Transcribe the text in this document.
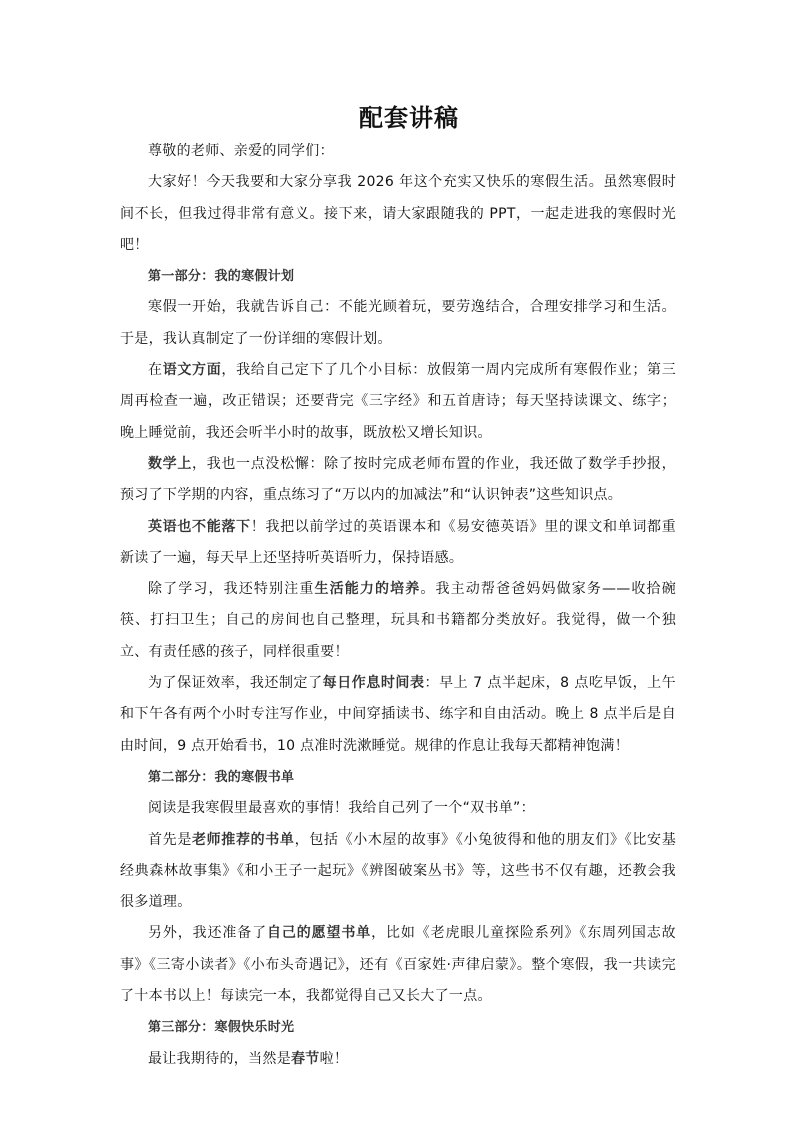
配套讲稿

尊敬的老师、亲爱的同学们：

大家好！今天我要和大家分享我 2026 年这个充实又快乐的寒假生活。虽然寒假时间不长，但我过得非常有意义。接下来，请大家跟随我的 PPT，一起走进我的寒假时光吧！

第一部分：我的寒假计划

寒假一开始，我就告诉自己：不能光顾着玩，要劳逸结合，合理安排学习和生活。于是，我认真制定了一份详细的寒假计划。

在语文方面，我给自己定下了几个小目标：放假第一周内完成所有寒假作业；第三周再检查一遍，改正错误；还要背完《三字经》和五首唐诗；每天坚持读课文、练字；晚上睡觉前，我还会听半小时的故事，既放松又增长知识。

数学上，我也一点没松懈：除了按时完成老师布置的作业，我还做了数学手抄报，预习了下学期的内容，重点练习了“万以内的加减法”和“认识钟表”这些知识点。

英语也不能落下！我把以前学过的英语课本和《易安德英语》里的课文和单词都重新读了一遍，每天早上还坚持听英语听力，保持语感。

除了学习，我还特别注重生活能力的培养。我主动帮爸爸妈妈做家务——收拾碗筷、打扫卫生；自己的房间也自己整理，玩具和书籍都分类放好。我觉得，做一个独立、有责任感的孩子，同样很重要！

为了保证效率，我还制定了每日作息时间表：早上 7 点半起床，8 点吃早饭，上午和下午各有两个小时专注写作业，中间穿插读书、练字和自由活动。晚上 8 点半后是自由时间，9 点开始看书，10 点准时洗漱睡觉。规律的作息让我每天都精神饱满！

第二部分：我的寒假书单

阅读是我寒假里最喜欢的事情！我给自己列了一个“双书单”：

首先是老师推荐的书单，包括《小木屋的故事》《小兔彼得和他的朋友们》《比安基经典森林故事集》《和小王子一起玩》《辨图破案丛书》等，这些书不仅有趣，还教会我很多道理。

另外，我还准备了自己的愿望书单，比如《老虎眼儿童探险系列》《东周列国志故事》《三寄小读者》《小布头奇遇记》，还有《百家姓·声律启蒙》。整个寒假，我一共读完了十本书以上！每读完一本，我都觉得自己又长大了一点。

第三部分：寒假快乐时光

最让我期待的，当然是春节啦！
